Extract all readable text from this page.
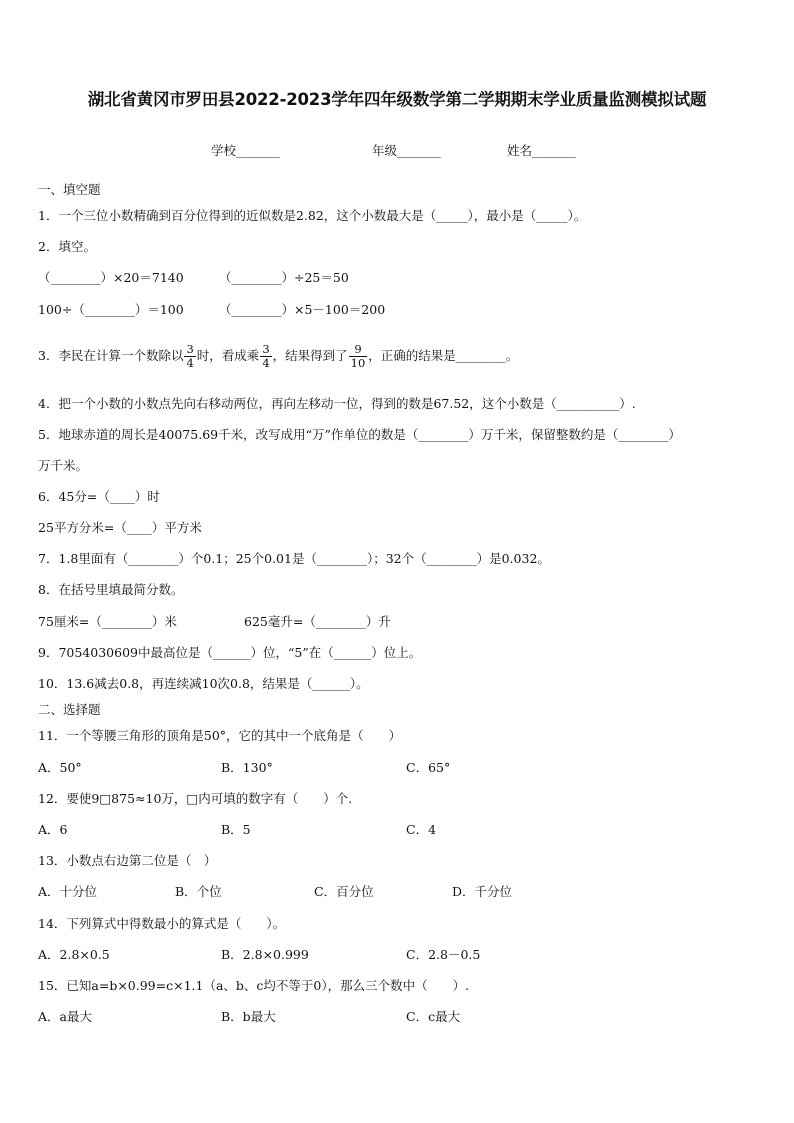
湖北省黄冈市罗田县2022-2023学年四年级数学第二学期期末学业质量监测模拟试题
学校_______	年级_______	姓名_______
一、填空题
1．一个三位小数精确到百分位得到的近似数是2.82，这个小数最大是（_____），最小是（_____）。
2．填空。
（________）×20＝7140	（________）÷25＝50
100÷（________）＝100	（________）×5－100＝200
3．李民在计算一个数除以 $\frac{3}{4}$ 时，看成乘 $\frac{3}{4}$ ，结果得到了 $\frac{9}{10}$ ，正确的结果是________。
4．把一个小数的小数点先向右移动两位，再向左移动一位，得到的数是67.52，这个小数是（__________）.
5．地球赤道的周长是40075.69千米，改写成用“万”作单位的数是（________）万千米，保留整数约是（________）
万千米。
6．45分=（____）时
25平方分米=（____）平方米
7．1.8里面有（________）个0.1；25个0.01是（________）；32个（________）是0.032。
8．在括号里填最简分数。
75厘米=（________）米	625毫升=（________）升
9．7054030609中最高位是（______）位，“5”在（______）位上。
10．13.6减去0.8，再连续减10次0.8，结果是（______）。
二、选择题
11．一个等腰三角形的顶角是50°，它的其中一个底角是（　　）
A．50°	B．130°	C．65°
12．要使9□875≈10万，□内可填的数字有（　　）个.
A．6	B．5	C．4
13．小数点右边第二位是（　）
A．十分位	B．个位	C．百分位	D．千分位
14．下列算式中得数最小的算式是（　　）。
A．2.8×0.5	B．2.8×0.999	C．2.8－0.5
15．已知a=b×0.99=c×1.1（a、b、c均不等于0），那么三个数中（　　）.
A．a最大	B．b最大	C．c最大
